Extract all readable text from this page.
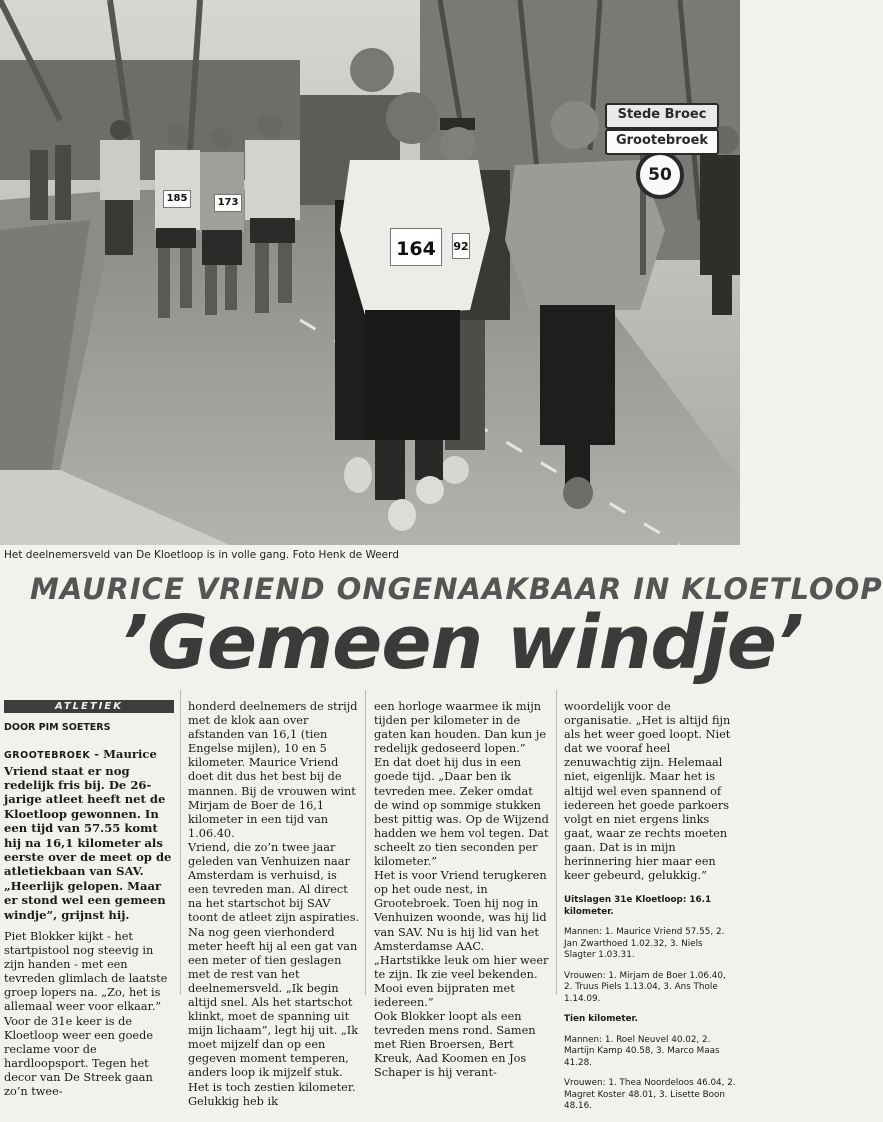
Stede Broec
Grootebroek
50
185	173
164	92
Het deelnemersveld van De Kloetloop is in volle gang. Foto Henk de Weerd
MAURICE VRIEND ONGENAAKBAAR IN KLOETLOOP
’Gemeen windje’
ATLETIEK
DOOR PIM SOETERS

GROOTEBROEK - Maurice Vriend staat er nog redelijk fris bij. De 26-jarige atleet heeft net de Kloetloop gewonnen. In een tijd van 57.55 komt hij na 16,1 kilometer als eerste over de meet op de atletiekbaan van SAV. „Heerlijk gelopen. Maar er stond wel een gemeen windje”, grijnst hij.

Piet Blokker kijkt - het startpistool nog steevig in zijn handen - met een tevreden glimlach de laatste groep lopers na. „Zo, het is allemaal weer voor elkaar.” Voor de 31e keer is de Kloetloop weer een goede reclame voor de hardloopsport. Tegen het decor van De Streek gaan zo’n twee-

honderd deelnemers de strijd met de klok aan over afstanden van 16,1 (tien Engelse mijlen), 10 en 5 kilometer. Maurice Vriend doet dit dus het best bij de mannen. Bij de vrouwen wint Mirjam de Boer de 16,1 kilometer in een tijd van 1.06.40.

Vriend, die zo’n twee jaar geleden van Venhuizen naar Amsterdam is verhuisd, is een tevreden man. Al direct na het startschot bij SAV toont de atleet zijn aspiraties. Na nog geen vierhonderd meter heeft hij al een gat van een meter of tien geslagen met de rest van het deelnemersveld. „Ik begin altijd snel. Als het startschot klinkt, moet de spanning uit mijn lichaam”, legt hij uit. „Ik moet mijzelf dan op een gegeven moment temperen, anders loop ik mijzelf stuk. Het is toch zestien kilometer. Gelukkig heb ik

een horloge waarmee ik mijn tijden per kilometer in de gaten kan houden. Dan kun je redelijk gedoseerd lopen.”

En dat doet hij dus in een goede tijd. „Daar ben ik tevreden mee. Zeker omdat de wind op sommige stukken best pittig was. Op de Wijzend hadden we hem vol tegen. Dat scheelt zo tien seconden per kilometer.”

Het is voor Vriend terugkeren op het oude nest, in Grootebroek. Toen hij nog in Venhuizen woonde, was hij lid van SAV. Nu is hij lid van het Amsterdamse AAC. „Hartstikke leuk om hier weer te zijn. Ik zie veel bekenden. Mooi even bijpraten met iedereen.”

Ook Blokker loopt als een tevreden mens rond. Samen met Rien Broersen, Bert Kreuk, Aad Koomen en Jos Schaper is hij verant-

woordelijk voor de organisatie. „Het is altijd fijn als het weer goed loopt. Niet dat we vooraf heel zenuwachtig zijn. Helemaal niet, eigenlijk. Maar het is altijd wel even spannend of iedereen het goede parkoers volgt en niet ergens links gaat, waar ze rechts moeten gaan. Dat is in mijn herinnering hier maar een keer gebeurd, gelukkig.”

Uitslagen 31e Kloetloop: 16.1 kilometer.

Mannen: 1. Maurice Vriend 57.55, 2. Jan Zwarthoed 1.02.32, 3. Niels Slagter 1.03.31.

Vrouwen: 1. Mirjam de Boer 1.06.40, 2. Truus Piels 1.13.04, 3. Ans Thole 1.14.09.

Tien kilometer.

Mannen: 1. Roel Neuvel 40.02, 2. Martijn Kamp 40.58, 3. Marco Maas 41.28.

Vrouwen: 1. Thea Noordeloos 46.04, 2. Magret Koster 48.01, 3. Lisette Boon 48.16.
